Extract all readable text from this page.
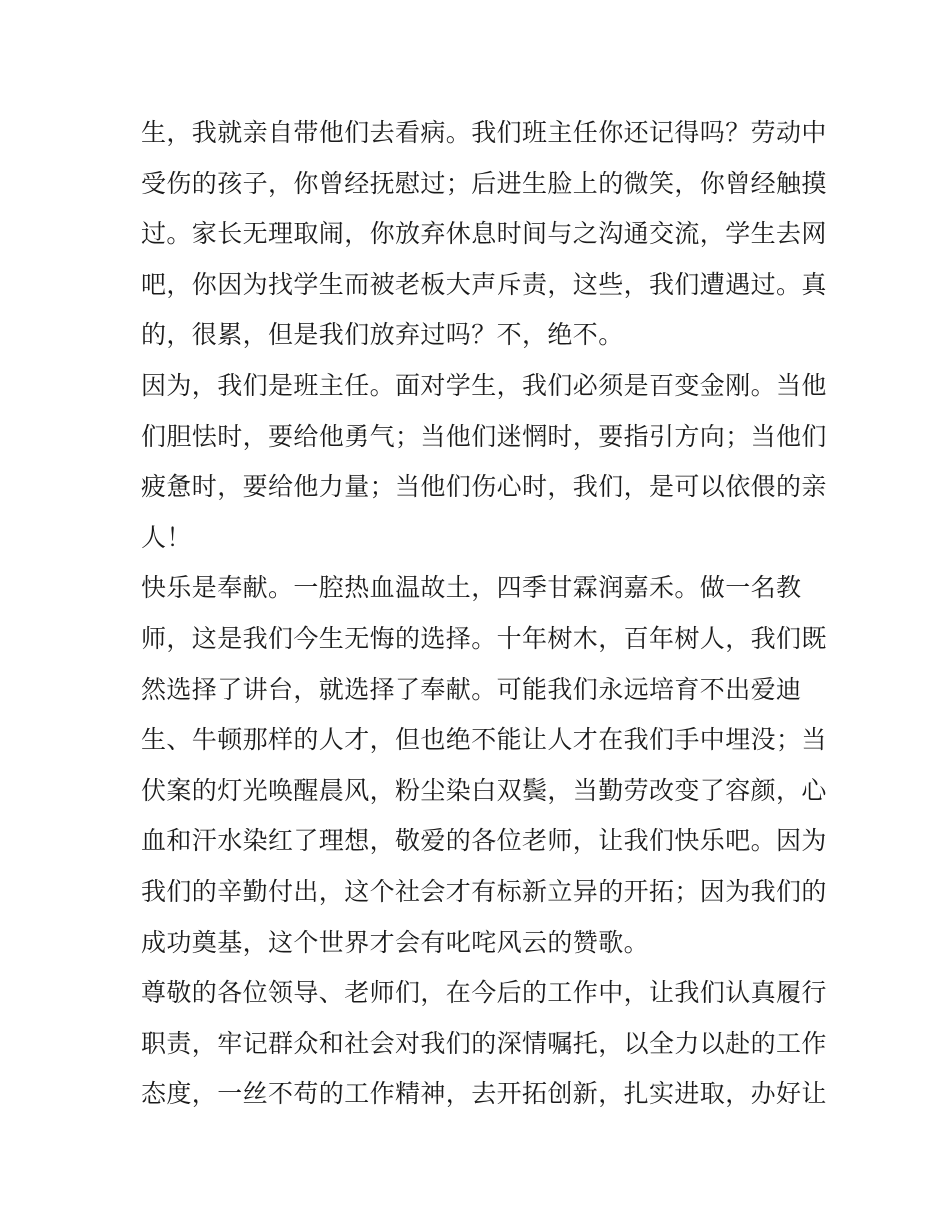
生，我就亲自带他们去看病。我们班主任你还记得吗？劳动中
受伤的孩子，你曾经抚慰过；后进生脸上的微笑，你曾经触摸
过。家长无理取闹，你放弃休息时间与之沟通交流，学生去网
吧，你因为找学生而被老板大声斥责，这些，我们遭遇过。真
的，很累，但是我们放弃过吗？不，绝不。
因为，我们是班主任。面对学生，我们必须是百变金刚。当他
们胆怯时，要给他勇气；当他们迷惘时，要指引方向；当他们
疲惫时，要给他力量；当他们伤心时，我们，是可以依偎的亲
人！
快乐是奉献。一腔热血温故土，四季甘霖润嘉禾。做一名教
师，这是我们今生无悔的选择。十年树木，百年树人，我们既
然选择了讲台，就选择了奉献。可能我们永远培育不出爱迪
生、牛顿那样的人才，但也绝不能让人才在我们手中埋没；当
伏案的灯光唤醒晨风，粉尘染白双鬓，当勤劳改变了容颜，心
血和汗水染红了理想，敬爱的各位老师，让我们快乐吧。因为
我们的辛勤付出，这个社会才有标新立异的开拓；因为我们的
成功奠基，这个世界才会有叱咤风云的赞歌。
尊敬的各位领导、老师们，在今后的工作中，让我们认真履行
职责，牢记群众和社会对我们的深情嘱托，以全力以赴的工作
态度，一丝不苟的工作精神，去开拓创新，扎实进取，办好让
